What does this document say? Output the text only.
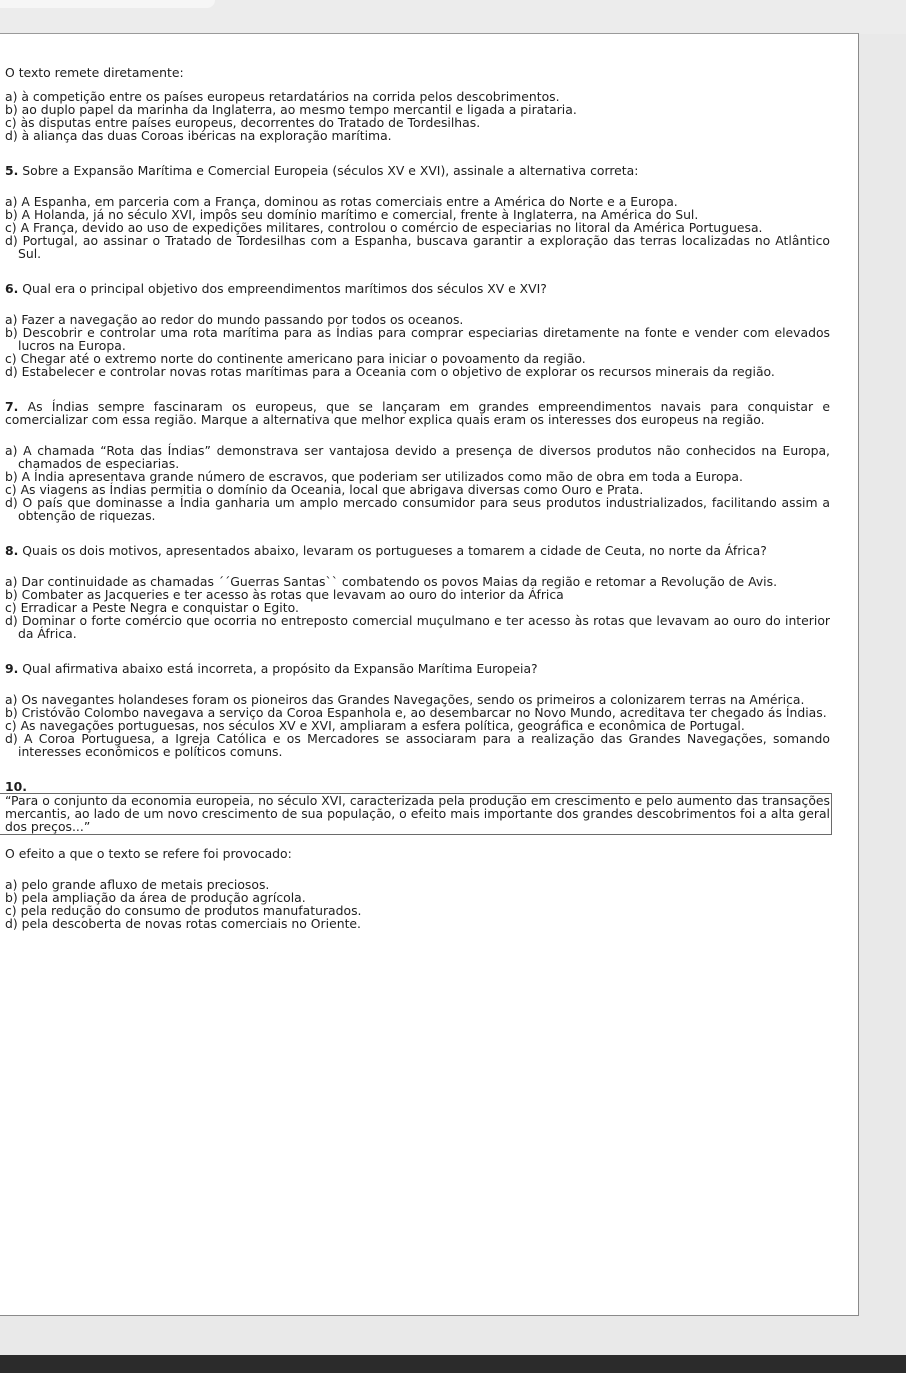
O texto remete diretamente:

a) à competição entre os países europeus retardatários na corrida pelos descobrimentos.

b) ao duplo papel da marinha da Inglaterra, ao mesmo tempo mercantil e ligada a pirataria.

c) às disputas entre países europeus, decorrentes do Tratado de Tordesilhas.

d) à aliança das duas Coroas ibéricas na exploração marítima.

5. Sobre a Expansão Marítima e Comercial Europeia (séculos XV e XVI), assinale a alternativa correta:

a) A Espanha, em parceria com a França, dominou as rotas comerciais entre a América do Norte e a Europa.

b) A Holanda, já no século XVI, impôs seu domínio marítimo e comercial, frente à Inglaterra, na América do Sul.

c) A França, devido ao uso de expedições militares, controlou o comércio de especiarias no litoral da América Portuguesa.

d) Portugal, ao assinar o Tratado de Tordesilhas com a Espanha, buscava garantir a exploração das terras localizadas no Atlântico Sul.

6. Qual era o principal objetivo dos empreendimentos marítimos dos séculos XV e XVI?

a) Fazer a navegação ao redor do mundo passando por todos os oceanos.

b) Descobrir e controlar uma rota marítima para as Índias para comprar especiarias diretamente na fonte e vender com elevados lucros na Europa.

c) Chegar até o extremo norte do continente americano para iniciar o povoamento da região.

d) Estabelecer e controlar novas rotas marítimas para a Oceania com o objetivo de explorar os recursos minerais da região.

7. As Índias sempre fascinaram os europeus, que se lançaram em grandes empreendimentos navais para conquistar e comercializar com essa região. Marque a alternativa que melhor explica quais eram os interesses dos europeus na região.

a) A chamada “Rota das Índias” demonstrava ser vantajosa devido a presença de diversos produtos não conhecidos na Europa, chamados de especiarias.

b) A Índia apresentava grande número de escravos, que poderiam ser utilizados como mão de obra em toda a Europa.

c) As viagens as Índias permitia o domínio da Oceania, local que abrigava diversas como Ouro e Prata.

d) O país que dominasse a Índia ganharia um amplo mercado consumidor para seus produtos industrializados, facilitando assim a obtenção de riquezas.

8. Quais os dois motivos, apresentados abaixo, levaram os portugueses a tomarem a cidade de Ceuta, no norte da África?

a) Dar continuidade as chamadas ´´Guerras Santas`` combatendo os povos Maias da região e retomar a Revolução de Avis.

b) Combater as Jacqueries e ter acesso às rotas que levavam ao ouro do interior da África

c) Erradicar a Peste Negra e conquistar o Egito.

d) Dominar o forte comércio que ocorria no entreposto comercial muçulmano e ter acesso às rotas que levavam ao ouro do interior da África.

9. Qual afirmativa abaixo está incorreta, a propósito da Expansão Marítima Europeia?

a) Os navegantes holandeses foram os pioneiros das Grandes Navegações, sendo os primeiros a colonizarem terras na América.

b) Cristóvão Colombo navegava a serviço da Coroa Espanhola e, ao desembarcar no Novo Mundo, acreditava ter chegado ás Índias.

c) As navegações portuguesas, nos séculos XV e XVI, ampliaram a esfera política, geográfica e econômica de Portugal.

d) A Coroa Portuguesa, a Igreja Católica e os Mercadores se associaram para a realização das Grandes Navegações, somando interesses econômicos e políticos comuns.

10.

“Para o conjunto da economia europeia, no século XVI, caracterizada pela produção em crescimento e pelo aumento das transações mercantis, ao lado de um novo crescimento de sua população, o efeito mais importante dos grandes descobrimentos foi a alta geral dos preços...”

O efeito a que o texto se refere foi provocado:

a) pelo grande afluxo de metais preciosos.

b) pela ampliação da área de produção agrícola.

c) pela redução do consumo de produtos manufaturados.

d) pela descoberta de novas rotas comerciais no Oriente.
